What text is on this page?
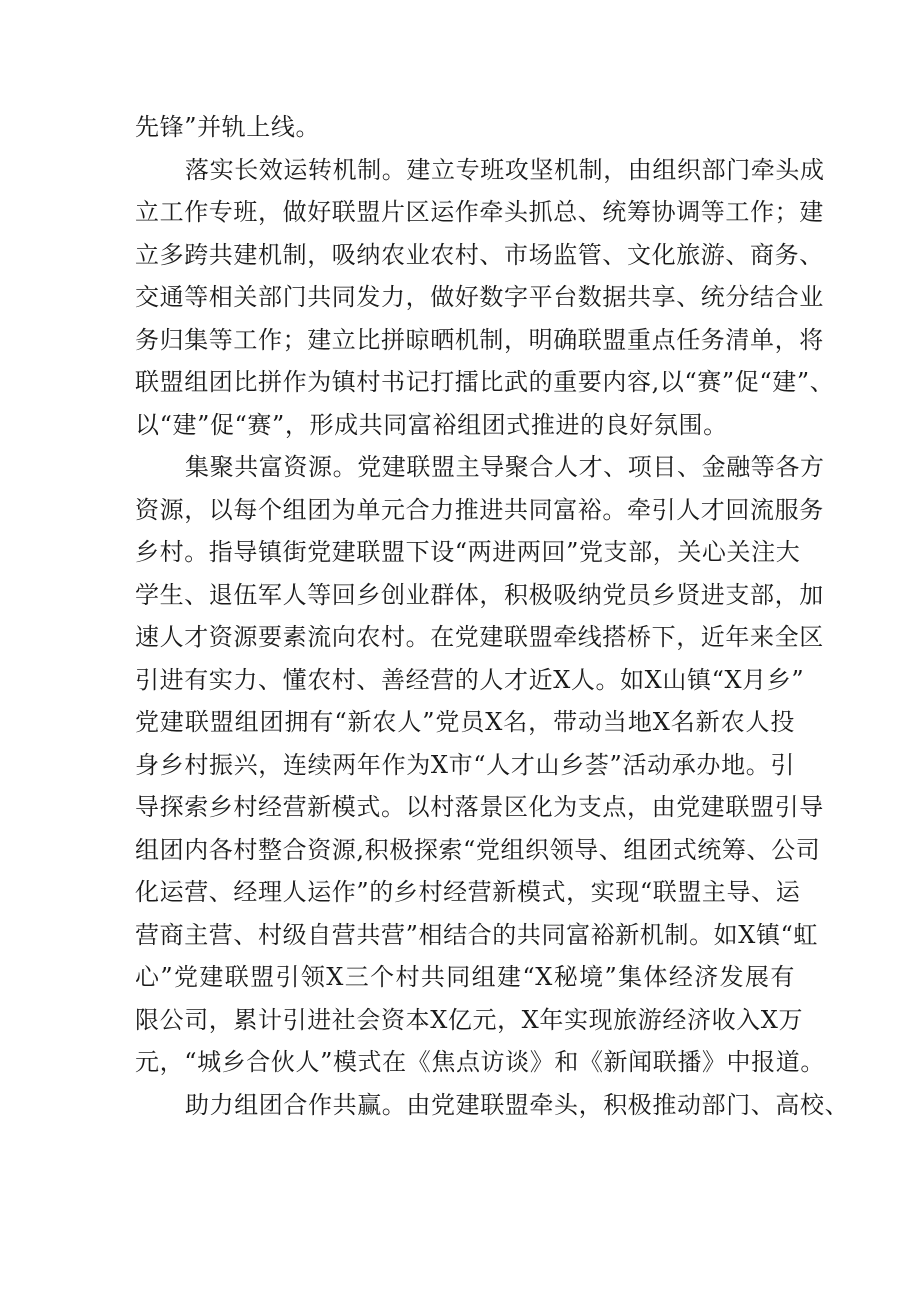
先锋”并轨上线。
落实长效运转机制。建立专班攻坚机制，由组织部门牵头成
立工作专班，做好联盟片区运作牵头抓总、统筹协调等工作；建
立多跨共建机制，吸纳农业农村、市场监管、文化旅游、商务、
交通等相关部门共同发力，做好数字平台数据共享、统分结合业
务归集等工作；建立比拼晾晒机制，明确联盟重点任务清单，将
联盟组团比拼作为镇村书记打擂比武的重要内容,以“赛”促“建”、
以“建”促“赛”，形成共同富裕组团式推进的良好氛围。
集聚共富资源。党建联盟主导聚合人才、项目、金融等各方
资源，以每个组团为单元合力推进共同富裕。牵引人才回流服务
乡村。指导镇街党建联盟下设“两进两回”党支部，关心关注大
学生、退伍军人等回乡创业群体，积极吸纳党员乡贤进支部，加
速人才资源要素流向农村。在党建联盟牵线搭桥下，近年来全区
引进有实力、懂农村、善经营的人才近X人。如X山镇“X月乡”
党建联盟组团拥有“新农人”党员X名，带动当地X名新农人投
身乡村振兴，连续两年作为X市“人才山乡荟”活动承办地。引
导探索乡村经营新模式。以村落景区化为支点，由党建联盟引导
组团内各村整合资源,积极探索“党组织领导、组团式统筹、公司
化运营、经理人运作”的乡村经营新模式，实现“联盟主导、运
营商主营、村级自营共营”相结合的共同富裕新机制。如X镇“虹
心”党建联盟引领X三个村共同组建“X秘境”集体经济发展有
限公司，累计引进社会资本X亿元，X年实现旅游经济收入X万
元，“城乡合伙人”模式在《焦点访谈》和《新闻联播》中报道。
助力组团合作共赢。由党建联盟牵头，积极推动部门、高校、
